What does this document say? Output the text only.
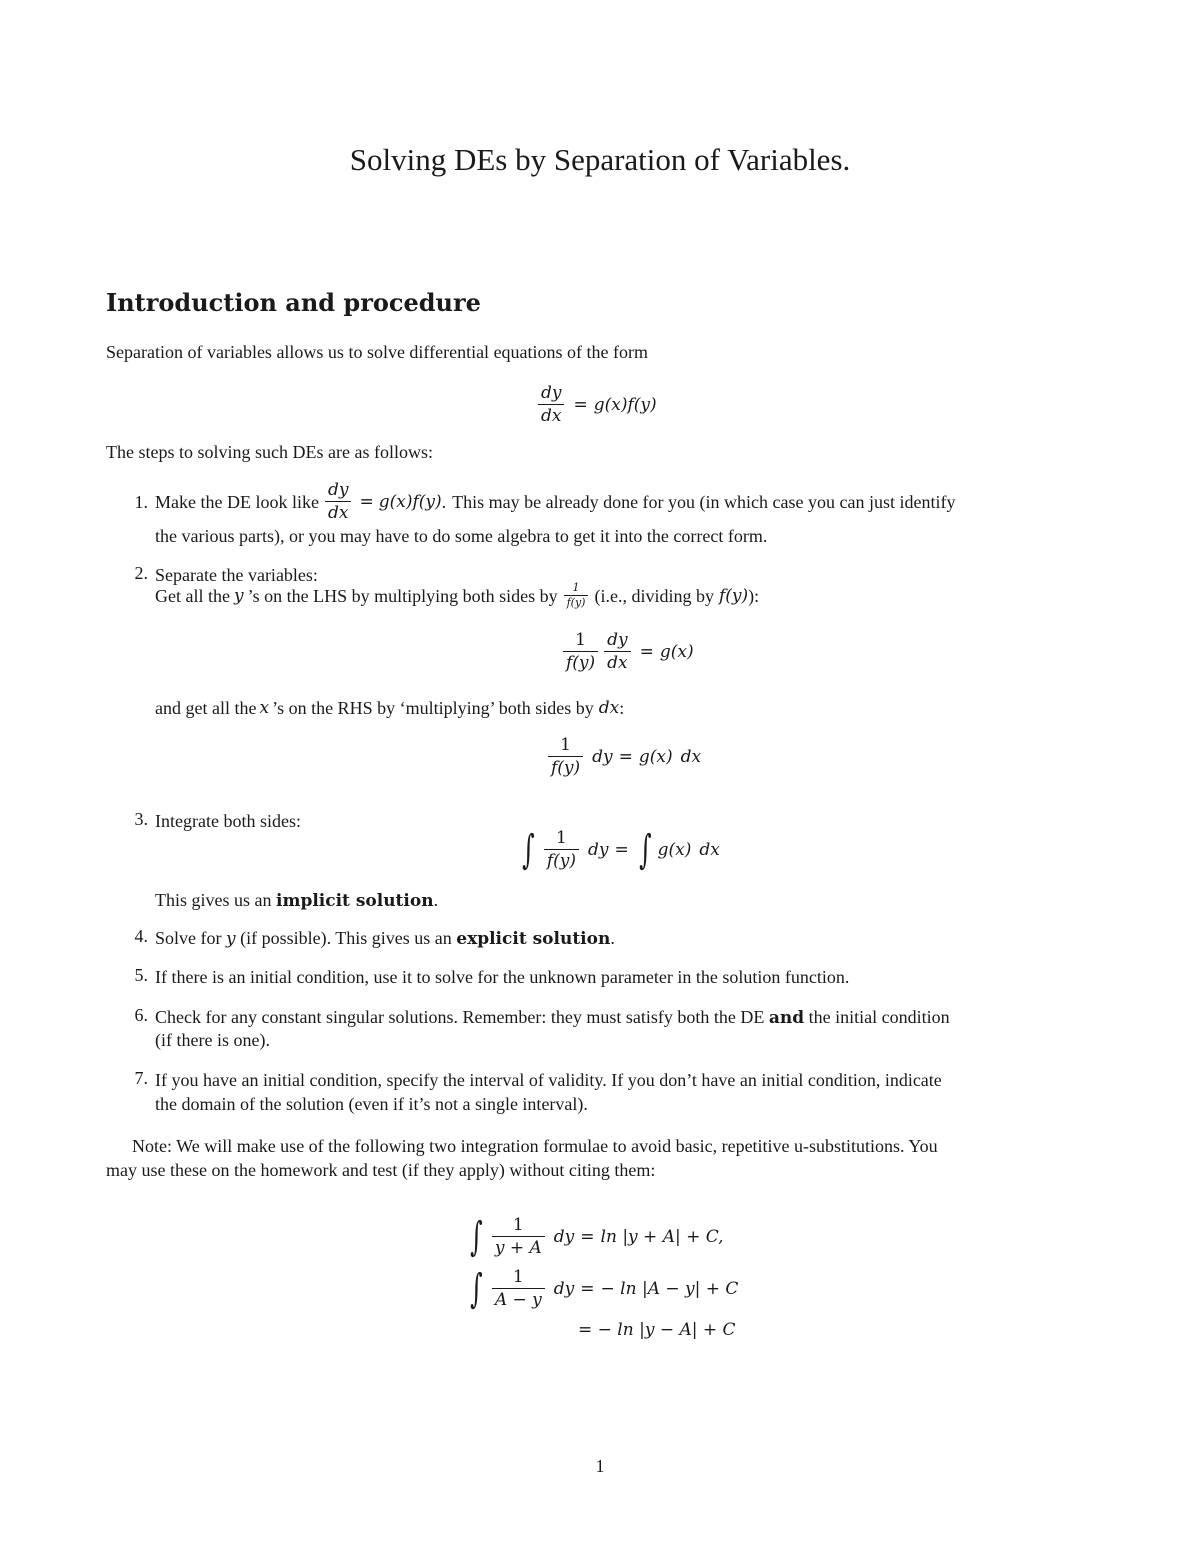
Solving DEs by Separation of Variables.
Introduction and procedure
Separation of variables allows us to solve differential equations of the form
$\frac{dy}{dx} = g(x)f(y)$
The steps to solving such DEs are as follows:
1. Make the DE look like $\frac{dy}{dx} = g(x)f(y)$ . This may be already done for you (in which case you can just identify
the various parts), or you may have to do some algebra to get it into the correct form.
2. Separate the variables:
Get all the y ’s on the LHS by multiplying both sides by $\frac{1}{f(y)} (i.e$., dividing by f(y) ):
$\frac{1}{f(y)} \frac{dy}{dx} = g(x)$
and get all the x ’s on the RHS by ‘multiplying’ both sides by dx :
$\frac{1}{f(y)}$ dy = g(x) dx
3. Integrate both sides:
∫ $\frac{1}{f(y)}$ dy = ∫ g(x) dx
This gives us an implicit solution.
4. Solve for y (if possible). This gives us an explicit solution.
5. If there is an initial condition, use it to solve for the unknown parameter in the solution function.
6. Check for any constant singular solutions. Remember: they must satisfy both the DE and the initial condition
(if there is one).
7. If you have an initial condition, specify the interval of validity. If you don’t have an initial condition, indicate
the domain of the solution (even if it’s not a single interval).
Note: We will make use of the following two integration formulae to avoid basic, repetitive u-substitutions. You
may use these on the homework and test (if they apply) without citing them:
∫ $\frac{1}{y + A}$ dy = ln |y + A| + C,
∫ $\frac{1}{A - y}$ dy = − ln |A − y| + C
= − ln |y − A| + C
1
